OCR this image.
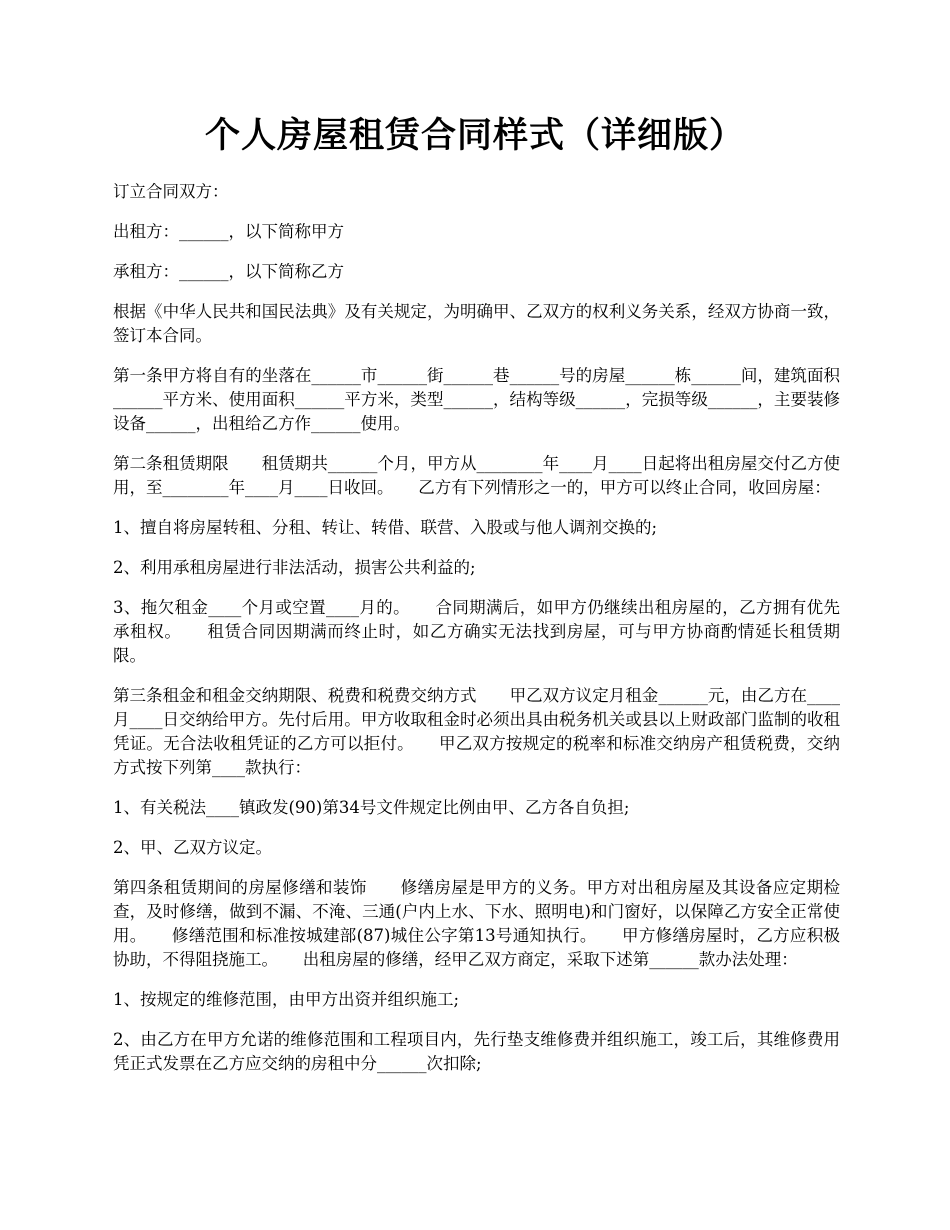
个人房屋租赁合同样式（详细版）

订立合同双方：

出租方：______，以下简称甲方

承租方：______，以下简称乙方

根据《中华人民共和国民法典》及有关规定，为明确甲、乙双方的权利义务关系，经双方协商一致，签订本合同。

第一条甲方将自有的坐落在______市______街______巷______号的房屋______栋______间，建筑面积______平方米、使用面积______平方米，类型______，结构等级______，完损等级______，主要装修设备______，出租给乙方作______使用。

第二条租赁期限　　租赁期共______个月，甲方从________年____月____日起将出租房屋交付乙方使用，至________年____月____日收回。　　乙方有下列情形之一的，甲方可以终止合同，收回房屋：

1、擅自将房屋转租、分租、转让、转借、联营、入股或与他人调剂交换的;

2、利用承租房屋进行非法活动，损害公共利益的;

3、拖欠租金____个月或空置____月的。　　合同期满后，如甲方仍继续出租房屋的，乙方拥有优先承租权。　　租赁合同因期满而终止时，如乙方确实无法找到房屋，可与甲方协商酌情延长租赁期限。

第三条租金和租金交纳期限、税费和税费交纳方式　　甲乙双方议定月租金______元，由乙方在____月____日交纳给甲方。先付后用。甲方收取租金时必须出具由税务机关或县以上财政部门监制的收租凭证。无合法收租凭证的乙方可以拒付。　　甲乙双方按规定的税率和标准交纳房产租赁税费，交纳方式按下列第____款执行：

1、有关税法____镇政发(90)第34号文件规定比例由甲、乙方各自负担;

2、甲、乙双方议定。

第四条租赁期间的房屋修缮和装饰　　修缮房屋是甲方的义务。甲方对出租房屋及其设备应定期检查，及时修缮，做到不漏、不淹、三通(户内上水、下水、照明电)和门窗好，以保障乙方安全正常使用。　　修缮范围和标准按城建部(87)城住公字第13号通知执行。　　甲方修缮房屋时，乙方应积极协助，不得阻挠施工。　　出租房屋的修缮，经甲乙双方商定，采取下述第______款办法处理：

1、按规定的维修范围，由甲方出资并组织施工;

2、由乙方在甲方允诺的维修范围和工程项目内，先行垫支维修费并组织施工，竣工后，其维修费用凭正式发票在乙方应交纳的房租中分______次扣除;
